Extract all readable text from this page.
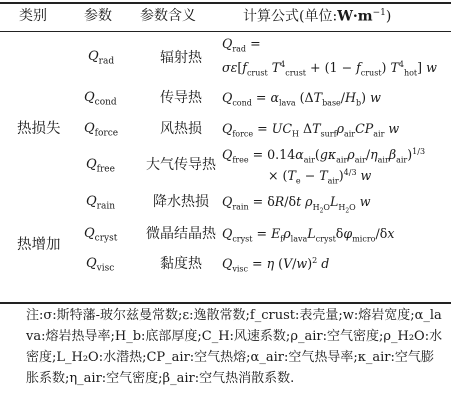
类别	参数 参数含义	计算公式(单位$:W\cdot m^{-1}$)
热损失
热增加
$Q_{rad}$
$Q_{cond}$
$Q_{force}$
$Q_{free}$
$Q_{rain}$
$Q_{cryst}$
$Q_{visc}$
辐射热
传导热
风热损
大气传导热
降水热损
微晶结晶热
黏度热
$Q_{rad}$ =
$\sigma\varepsilon[f_{crust}$ $T^4_{crust} + (1 - f_{crust})$ $T^4_{hot}$] w
$Q_{cond} = \alpha_{lava}$ $(\Delta T_{base}/H_b)$ w
$Q_{force} = UC_H$ $\Delta T_{surf}\rho_{air}CP_{air}$ w
$Q_{free} = 0.14\alpha_{air}(g\kappa_{air}\rho_{air}/\eta_{air}\beta_{air})^{1/3}$
× $(T_e - T_{air})^{4/3}$ w
$Q_{rain} = \delta R/\delta t$ $\rho_{H_2O}L_{H_2O}$ w
$Q_{cryst} = E_f\rho_{lava}L_{cryst}\delta\varphi_{micro}/\delta x$
$Q_{visc} = \eta$ $(V/w)^2$ d
注:σ:斯特藩-玻尔兹曼常数;ε:逸散常数;f_crust:表壳量;w:熔岩宽度;α_lava:熔岩热导率;H_b:底部厚度;C_H:风速系数;ρ_air:空气密度;ρ_H₂O:水密度;L_H₂O:水潜热;CP_air:空气热熔;α_air:空气热导率;κ_air:空气膨胀系数;η_air:空气密度;β_air:空气热消散系数.
